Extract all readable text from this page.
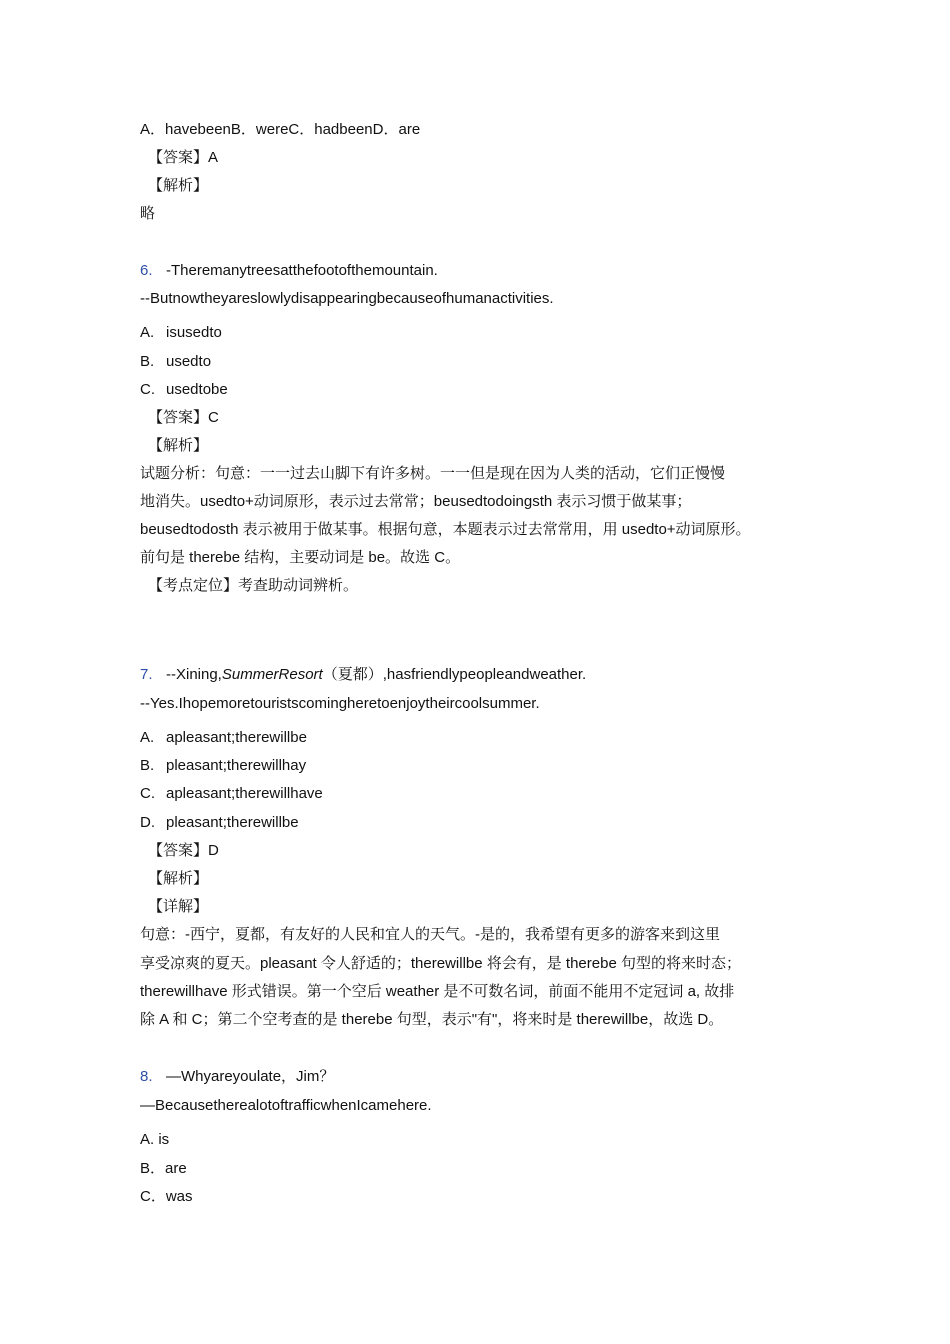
A．havebeenB．wereC．hadbeenD．are
【答案】A
【解析】
略
6. -Theremanytreesatthefootofthemountain.
--Butnowtheyareslowlydisappearingbecauseofhumanactivities.
A. isusedto
B. usedto
C. usedtobe
【答案】C
【解析】
试题分析：句意：一一过去山脚下有许多树。一一但是现在因为人类的活动，它们正慢慢
地消失。usedto+动词原形，表示过去常常；beusedtodoingsth 表示习惯于做某事；
beusedtodosth 表示被用于做某事。根据句意，本题表示过去常常用，用 usedto+动词原形。
前句是 therebe 结构，主要动词是 be。故选 C。
【考点定位】考查助动词辨析。
7. --Xining,SummerResort（夏都）,hasfriendlypeopleandweather.
--Yes.Ihopemoretouristscomingheretoenjoytheircoolsummer.
A. apleasant;therewillbe
B. pleasant;therewillhay
C. apleasant;therewillhave
D. pleasant;therewillbe
【答案】D
【解析】
【详解】
句意：-西宁，夏都，有友好的人民和宜人的天气。-是的，我希望有更多的游客来到这里
享受凉爽的夏天。pleasant 令人舒适的；therewillbe 将会有，是 therebe 句型的将来时态；
therewillhave 形式错误。第一个空后 weather 是不可数名词，前面不能用不定冠词 a, 故排
除 A 和 C；第二个空考查的是 therebe 句型，表示"有"，将来时是 therewillbe，故选 D。
8. —Whyareyoulate，Jim？
—BecausetherealotoftrafficwhenIcamehere.
A. is
B．are
C．was
